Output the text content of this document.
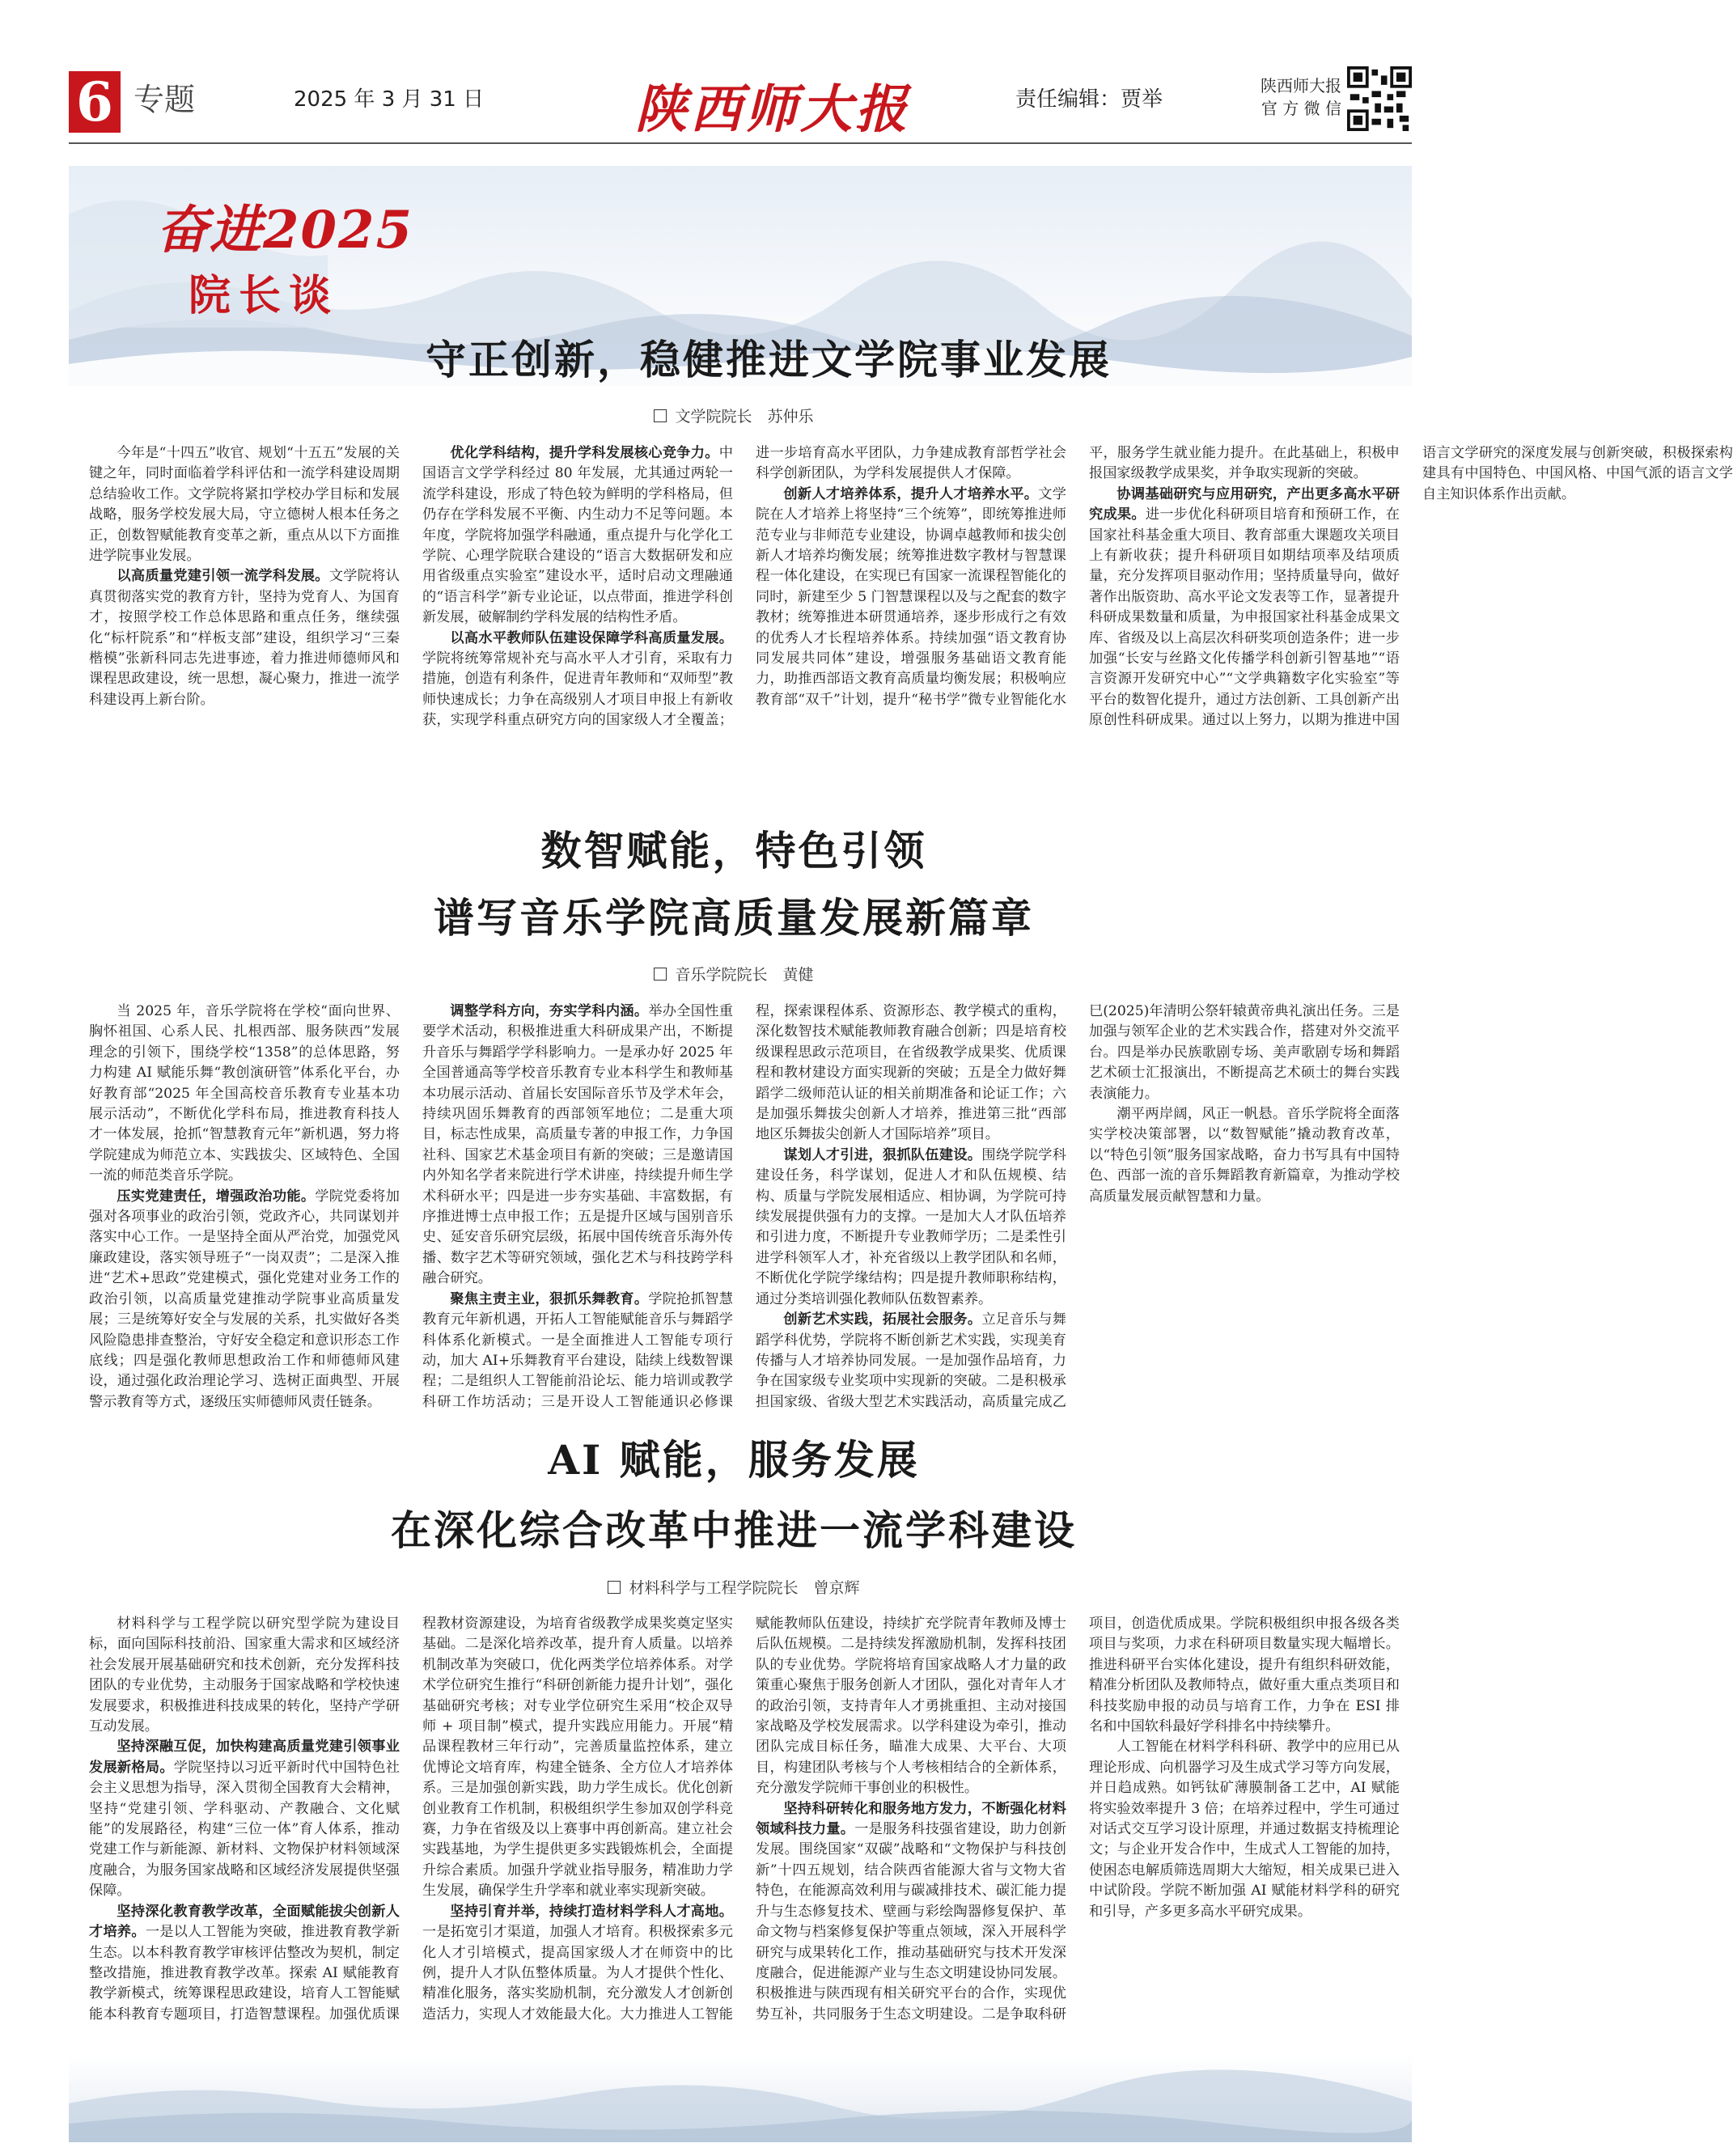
6 专题	2025 年 3 月 31 日	陕西师大报	责任编辑：贾举
陕西师大报
官 方 微 信
奋进2025
院长谈
守正创新，稳健推进文学院事业发展
文学院院长　苏仲乐

今年是“十四五”收官、规划“十五五”发展的关键之年，同时面临着学科评估和一流学科建设周期总结验收工作。文学院将紧扣学校办学目标和发展战略，服务学校发展大局，守立德树人根本任务之正，创数智赋能教育变革之新，重点从以下方面推进学院事业发展。

以高质量党建引领一流学科发展。文学院将认真贯彻落实党的教育方针，坚持为党育人、为国育才，按照学校工作总体思路和重点任务，继续强化“标杆院系”和“样板支部”建设，组织学习“三秦楷模”张新科同志先进事迹，着力推进师德师风和课程思政建设，统一思想，凝心聚力，推进一流学科建设再上新台阶。

优化学科结构，提升学科发展核心竞争力。中国语言文学学科经过 80 年发展，尤其通过两轮一流学科建设，形成了特色较为鲜明的学科格局，但仍存在学科发展不平衡、内生动力不足等问题。本年度，学院将加强学科融通，重点提升与化学化工学院、心理学院联合建设的“语言大数据研发和应用省级重点实验室”建设水平，适时启动文理融通的“语言科学”新专业论证，以点带面，推进学科创新发展，破解制约学科发展的结构性矛盾。

以高水平教师队伍建设保障学科高质量发展。学院将统筹常规补充与高水平人才引育，采取有力措施，创造有利条件，促进青年教师和“双师型”教师快速成长；力争在高级别人才项目申报上有新收获，实现学科重点研究方向的国家级人才全覆盖；进一步培育高水平团队，力争建成教育部哲学社会科学创新团队，为学科发展提供人才保障。

创新人才培养体系，提升人才培养水平。文学院在人才培养上将坚持“三个统筹”，即统筹推进师范专业与非师范专业建设，协调卓越教师和拔尖创新人才培养均衡发展；统筹推进数字教材与智慧课程一体化建设，在实现已有国家一流课程智能化的同时，新建至少 5 门智慧课程以及与之配套的数字教材；统筹推进本研贯通培养，逐步形成行之有效的优秀人才长程培养体系。持续加强“语文教育协同发展共同体”建设，增强服务基础语文教育能力，助推西部语文教育高质量均衡发展；积极响应教育部“双千”计划，提升“秘书学”微专业智能化水平，服务学生就业能力提升。在此基础上，积极申报国家级教学成果奖，并争取实现新的突破。

协调基础研究与应用研究，产出更多高水平研究成果。进一步优化科研项目培育和预研工作，在国家社科基金重大项目、教育部重大课题攻关项目上有新收获；提升科研项目如期结项率及结项质量，充分发挥项目驱动作用；坚持质量导向，做好著作出版资助、高水平论文发表等工作，显著提升科研成果数量和质量，为申报国家社科基金成果文库、省级及以上高层次科研奖项创造条件；进一步加强“长安与丝路文化传播学科创新引智基地”“语言资源开发研究中心”“文学典籍数字化实验室”等平台的数智化提升，通过方法创新、工具创新产出原创性科研成果。通过以上努力，以期为推进中国语言文学研究的深度发展与创新突破，积极探索构建具有中国特色、中国风格、中国气派的语言文学自主知识体系作出贡献。

数智赋能，特色引领
谱写音乐学院高质量发展新篇章
音乐学院院长　黄健

当 2025 年，音乐学院将在学校“面向世界、胸怀祖国、心系人民、扎根西部、服务陕西”发展理念的引领下，围绕学校“1358”的总体思路，努力构建 AI 赋能乐舞“教创演研管”体系化平台，办好教育部“2025 年全国高校音乐教育专业基本功展示活动”，不断优化学科布局，推进教育科技人才一体发展，抢抓“智慧教育元年”新机遇，努力将学院建成为师范立本、实践拔尖、区域特色、全国一流的师范类音乐学院。

压实党建责任，增强政治功能。学院党委将加强对各项事业的政治引领，党政齐心，共同谋划并落实中心工作。一是坚持全面从严治党，加强党风廉政建设，落实领导班子“一岗双责”；二是深入推进“艺术+思政”党建模式，强化党建对业务工作的政治引领，以高质量党建推动学院事业高质量发展；三是统筹好安全与发展的关系，扎实做好各类风险隐患排查整治，守好安全稳定和意识形态工作底线；四是强化教师思想政治工作和师德师风建设，通过强化政治理论学习、选树正面典型、开展警示教育等方式，逐级压实师德师风责任链条。

调整学科方向，夯实学科内涵。举办全国性重要学术活动，积极推进重大科研成果产出，不断提升音乐与舞蹈学学科影响力。一是承办好 2025 年全国普通高等学校音乐教育专业本科学生和教师基本功展示活动、首届长安国际音乐节及学术年会，持续巩固乐舞教育的西部领军地位；二是重大项目，标志性成果，高质量专著的申报工作，力争国社科、国家艺术基金项目有新的突破；三是邀请国内外知名学者来院进行学术讲座，持续提升师生学术科研水平；四是进一步夯实基础、丰富数据，有序推进博士点申报工作；五是提升区域与国别音乐史、延安音乐研究层级，拓展中国传统音乐海外传播、数字艺术等研究领域，强化艺术与科技跨学科融合研究。

聚焦主责主业，狠抓乐舞教育。学院抢抓智慧教育元年新机遇，开拓人工智能赋能音乐与舞蹈学科体系化新模式。一是全面推进人工智能专项行动，加大 AI+乐舞教育平台建设，陆续上线数智课程；二是组织人工智能前沿论坛、能力培训或教学科研工作坊活动；三是开设人工智能通识必修课程，探索课程体系、资源形态、教学模式的重构，深化数智技术赋能教师教育融合创新；四是培育校级课程思政示范项目，在省级教学成果奖、优质课程和教材建设方面实现新的突破；五是全力做好舞蹈学二级师范认证的相关前期准备和论证工作；六是加强乐舞拔尖创新人才培养，推进第三批“西部地区乐舞拔尖创新人才国际培养”项目。

谋划人才引进，狠抓队伍建设。围绕学院学科建设任务，科学谋划，促进人才和队伍规模、结构、质量与学院发展相适应、相协调，为学院可持续发展提供强有力的支撑。一是加大人才队伍培养和引进力度，不断提升专业教师学历；二是柔性引进学科领军人才，补充省级以上教学团队和名师，不断优化学院学缘结构；四是提升教师职称结构，通过分类培训强化教师队伍数智素养。

创新艺术实践，拓展社会服务。立足音乐与舞蹈学科优势，学院将不断创新艺术实践，实现美育传播与人才培养协同发展。一是加强作品培育，力争在国家级专业奖项中实现新的突破。二是积极承担国家级、省级大型艺术实践活动，高质量完成乙巳(2025)年清明公祭轩辕黄帝典礼演出任务。三是加强与领军企业的艺术实践合作，搭建对外交流平台。四是举办民族歌剧专场、美声歌剧专场和舞蹈艺术硕士汇报演出，不断提高艺术硕士的舞台实践表演能力。

潮平两岸阔，风正一帆悬。音乐学院将全面落实学校决策部署，以“数智赋能”撬动教育改革，以“特色引领”服务国家战略，奋力书写具有中国特色、西部一流的音乐舞蹈教育新篇章，为推动学校高质量发展贡献智慧和力量。

AI 赋能，服务发展
在深化综合改革中推进一流学科建设
材料科学与工程学院院长　曾京辉

材料科学与工程学院以研究型学院为建设目标，面向国际科技前沿、国家重大需求和区域经济社会发展开展基础研究和技术创新，充分发挥科技团队的专业优势，主动服务于国家战略和学校快速发展要求，积极推进科技成果的转化，坚持产学研互动发展。

坚持深融互促，加快构建高质量党建引领事业发展新格局。学院坚持以习近平新时代中国特色社会主义思想为指导，深入贯彻全国教育大会精神，坚持“党建引领、学科驱动、产教融合、文化赋能”的发展路径，构建“三位一体”育人体系，推动党建工作与新能源、新材料、文物保护材料领域深度融合，为服务国家战略和区域经济发展提供坚强保障。

坚持深化教育教学改革，全面赋能拔尖创新人才培养。一是以人工智能为突破，推进教育教学新生态。以本科教育教学审核评估整改为契机，制定整改措施，推进教育教学改革。探索 AI 赋能教育教学新模式，统筹课程思政建设，培育人工智能赋能本科教育专题项目，打造智慧课程。加强优质课程教材资源建设，为培育省级教学成果奖奠定坚实基础。二是深化培养改革，提升育人质量。以培养机制改革为突破口，优化两类学位培养体系。对学术学位研究生推行“科研创新能力提升计划”，强化基础研究考核；对专业学位研究生采用“校企双导师 + 项目制”模式，提升实践应用能力。开展“精品课程教材三年行动”，完善质量监控体系，建立优博论文培育库，构建全链条、全方位人才培养体系。三是加强创新实践，助力学生成长。优化创新创业教育工作机制，积极组织学生参加双创学科竞赛，力争在省级及以上赛事中再创新高。建立社会实践基地，为学生提供更多实践锻炼机会，全面提升综合素质。加强升学就业指导服务，精准助力学生发展，确保学生升学率和就业率实现新突破。

坚持引育并举，持续打造材料学科人才高地。一是拓宽引才渠道，加强人才培育。积极探索多元化人才引培模式，提高国家级人才在师资中的比例，提升人才队伍整体质量。为人才提供个性化、精准化服务，落实奖励机制，充分激发人才创新创造活力，实现人才效能最大化。大力推进人工智能赋能教师队伍建设，持续扩充学院青年教师及博士后队伍规模。二是持续发挥激励机制，发挥科技团队的专业优势。学院将培育国家战略人才力量的政策重心聚焦于服务创新人才团队，强化对青年人才的政治引领，支持青年人才勇挑重担、主动对接国家战略及学校发展需求。以学科建设为牵引，推动团队完成目标任务，瞄准大成果、大平台、大项目，构建团队考核与个人考核相结合的全新体系，充分激发学院师干事创业的积极性。

坚持科研转化和服务地方发力，不断强化材料领域科技力量。一是服务科技强省建设，助力创新发展。围绕国家“双碳”战略和“文物保护与科技创新”十四五规划，结合陕西省能源大省与文物大省特色，在能源高效利用与碳减排技术、碳汇能力提升与生态修复技术、壁画与彩绘陶器修复保护、革命文物与档案修复保护等重点领域，深入开展科学研究与成果转化工作，推动基础研究与技术开发深度融合，促进能源产业与生态文明建设协同发展。积极推进与陕西现有相关研究平台的合作，实现优势互补，共同服务于生态文明建设。二是争取科研项目，创造优质成果。学院积极组织申报各级各类项目与奖项，力求在科研项目数量实现大幅增长。推进科研平台实体化建设，提升有组织科研效能，精准分析团队及教师特点，做好重大重点类项目和科技奖励申报的动员与培育工作，力争在 ESI 排名和中国软科最好学科排名中持续攀升。

人工智能在材料学科科研、教学中的应用已从理论形成、向机器学习及生成式学习等方向发展，并日趋成熟。如钙钛矿薄膜制备工艺中，AI 赋能将实验效率提升 3 倍；在培养过程中，学生可通过对话式交互学习设计原理，并通过数据支持梳理论文；与企业开发合作中，生成式人工智能的加持，使困态电解质筛选周期大大缩短，相关成果已进入中试阶段。学院不断加强 AI 赋能材料学科的研究和引导，产多更多高水平研究成果。
